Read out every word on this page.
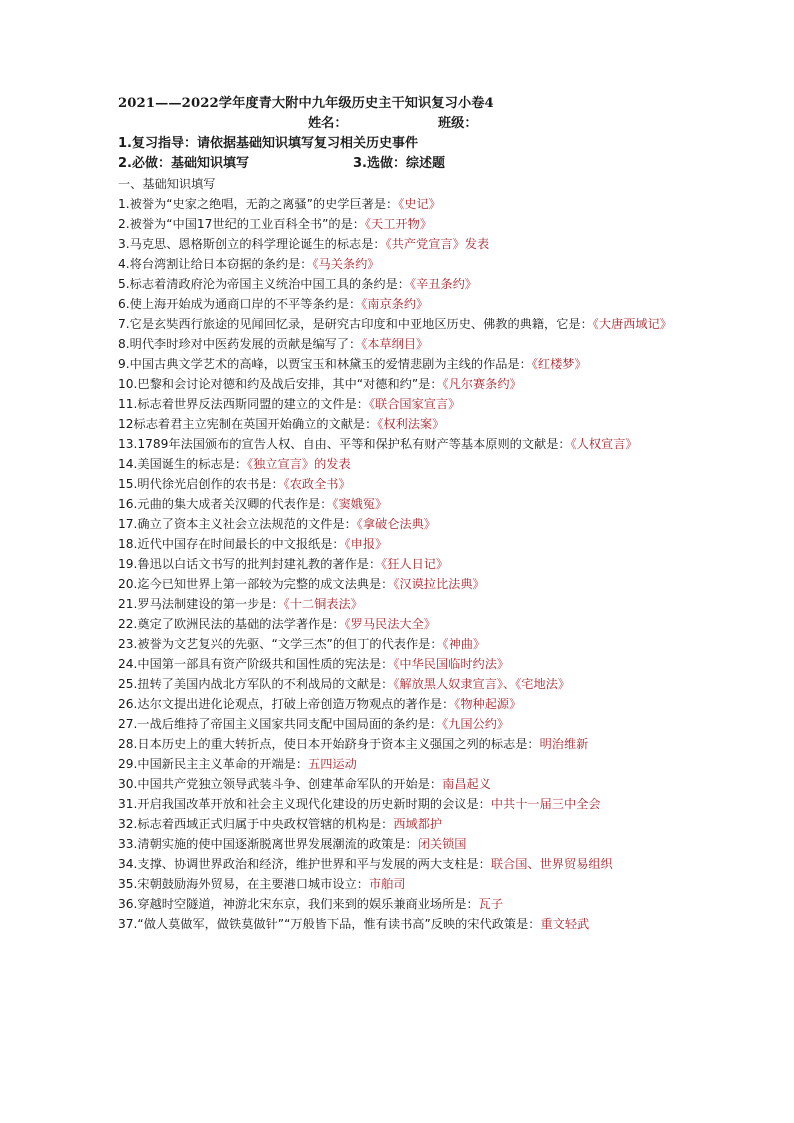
2021——2022学年度青大附中九年级历史主干知识复习小卷4
姓名：	班级：
1.复习指导：请依据基础知识填写复习相关历史事件
2.必做：基础知识填写	3.选做：综述题
一、基础知识填写
1.被誉为“史家之绝唱，无韵之离骚”的史学巨著是：《史记》
2.被誉为“中国17世纪的工业百科全书”的是：《天工开物》
3.马克思、恩格斯创立的科学理论诞生的标志是：《共产党宣言》发表
4.将台湾割让给日本窃据的条约是：《马关条约》
5.标志着清政府沦为帝国主义统治中国工具的条约是：《辛丑条约》
6.使上海开始成为通商口岸的不平等条约是：《南京条约》
7.它是玄奘西行旅途的见闻回忆录，是研究古印度和中亚地区历史、佛教的典籍，它是：《大唐西域记》
8.明代李时珍对中医药发展的贡献是编写了：《本草纲目》
9.中国古典文学艺术的高峰，以贾宝玉和林黛玉的爱情悲剧为主线的作品是：《红楼梦》
10.巴黎和会讨论对德和约及战后安排，其中“对德和约”是：《凡尔赛条约》
11.标志着世界反法西斯同盟的建立的文件是：《联合国家宣言》
12标志着君主立宪制在英国开始确立的文献是：《权利法案》
13.1789年法国颁布的宣告人权、自由、平等和保护私有财产等基本原则的文献是：《人权宣言》
14.美国诞生的标志是：《独立宣言》的发表
15.明代徐光启创作的农书是：《农政全书》
16.元曲的集大成者关汉卿的代表作是：《窦娥冤》
17.确立了资本主义社会立法规范的文件是：《拿破仑法典》
18.近代中国存在时间最长的中文报纸是：《申报》
19.鲁迅以白话文书写的批判封建礼教的著作是：《狂人日记》
20.迄今已知世界上第一部较为完整的成文法典是：《汉谟拉比法典》
21.罗马法制建设的第一步是：《十二铜表法》
22.奠定了欧洲民法的基础的法学著作是：《罗马民法大全》
23.被誉为文艺复兴的先驱、“文学三杰”的但丁的代表作是：《神曲》
24.中国第一部具有资产阶级共和国性质的宪法是：《中华民国临时约法》
25.扭转了美国内战北方军队的不利战局的文献是：《解放黑人奴隶宣言》、《宅地法》
26.达尔文提出进化论观点，打破上帝创造万物观点的著作是：《物种起源》
27.一战后维持了帝国主义国家共同支配中国局面的条约是：《九国公约》
28.日本历史上的重大转折点，使日本开始跻身于资本主义强国之列的标志是：明治维新
29.中国新民主主义革命的开端是：五四运动
30.中国共产党独立领导武装斗争、创建革命军队的开始是：南昌起义
31.开启我国改革开放和社会主义现代化建设的历史新时期的会议是：中共十一届三中全会
32.标志着西域正式归属于中央政权管辖的机构是：西域都护
33.清朝实施的使中国逐渐脱离世界发展潮流的政策是：闭关锁国
34.支撑、协调世界政治和经济，维护世界和平与发展的两大支柱是：联合国、世界贸易组织
35.宋朝鼓励海外贸易，在主要港口城市设立：市舶司
36.穿越时空隧道，神游北宋东京，我们来到的娱乐兼商业场所是：瓦子
37.“做人莫做军，做铁莫做针”“万般皆下品，惟有读书高”反映的宋代政策是：重文轻武
